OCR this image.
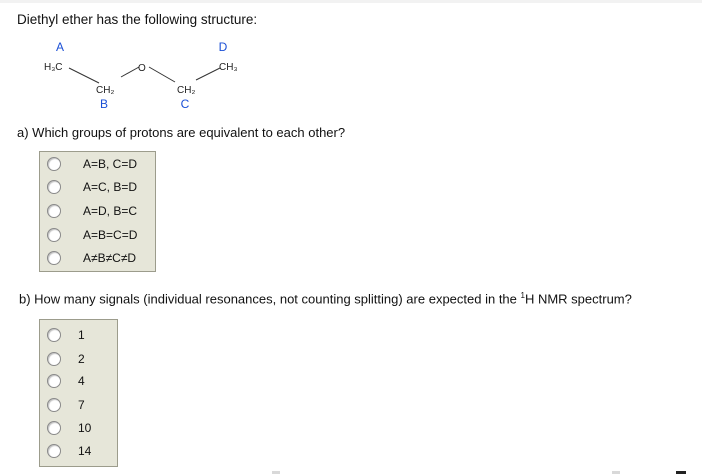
Diethyl ether has the following structure:
A	D
B	C
H₃C
CH₂
O
CH₂
CH₃
a) Which groups of protons are equivalent to each other?
A=B, C=D
A=C, B=D
A=D, B=C
A=B=C=D
A≠B≠C≠D
b) How many signals (individual resonances, not counting splitting) are expected in the $^1$H NMR spectrum?
1
2
4
7
10
14
